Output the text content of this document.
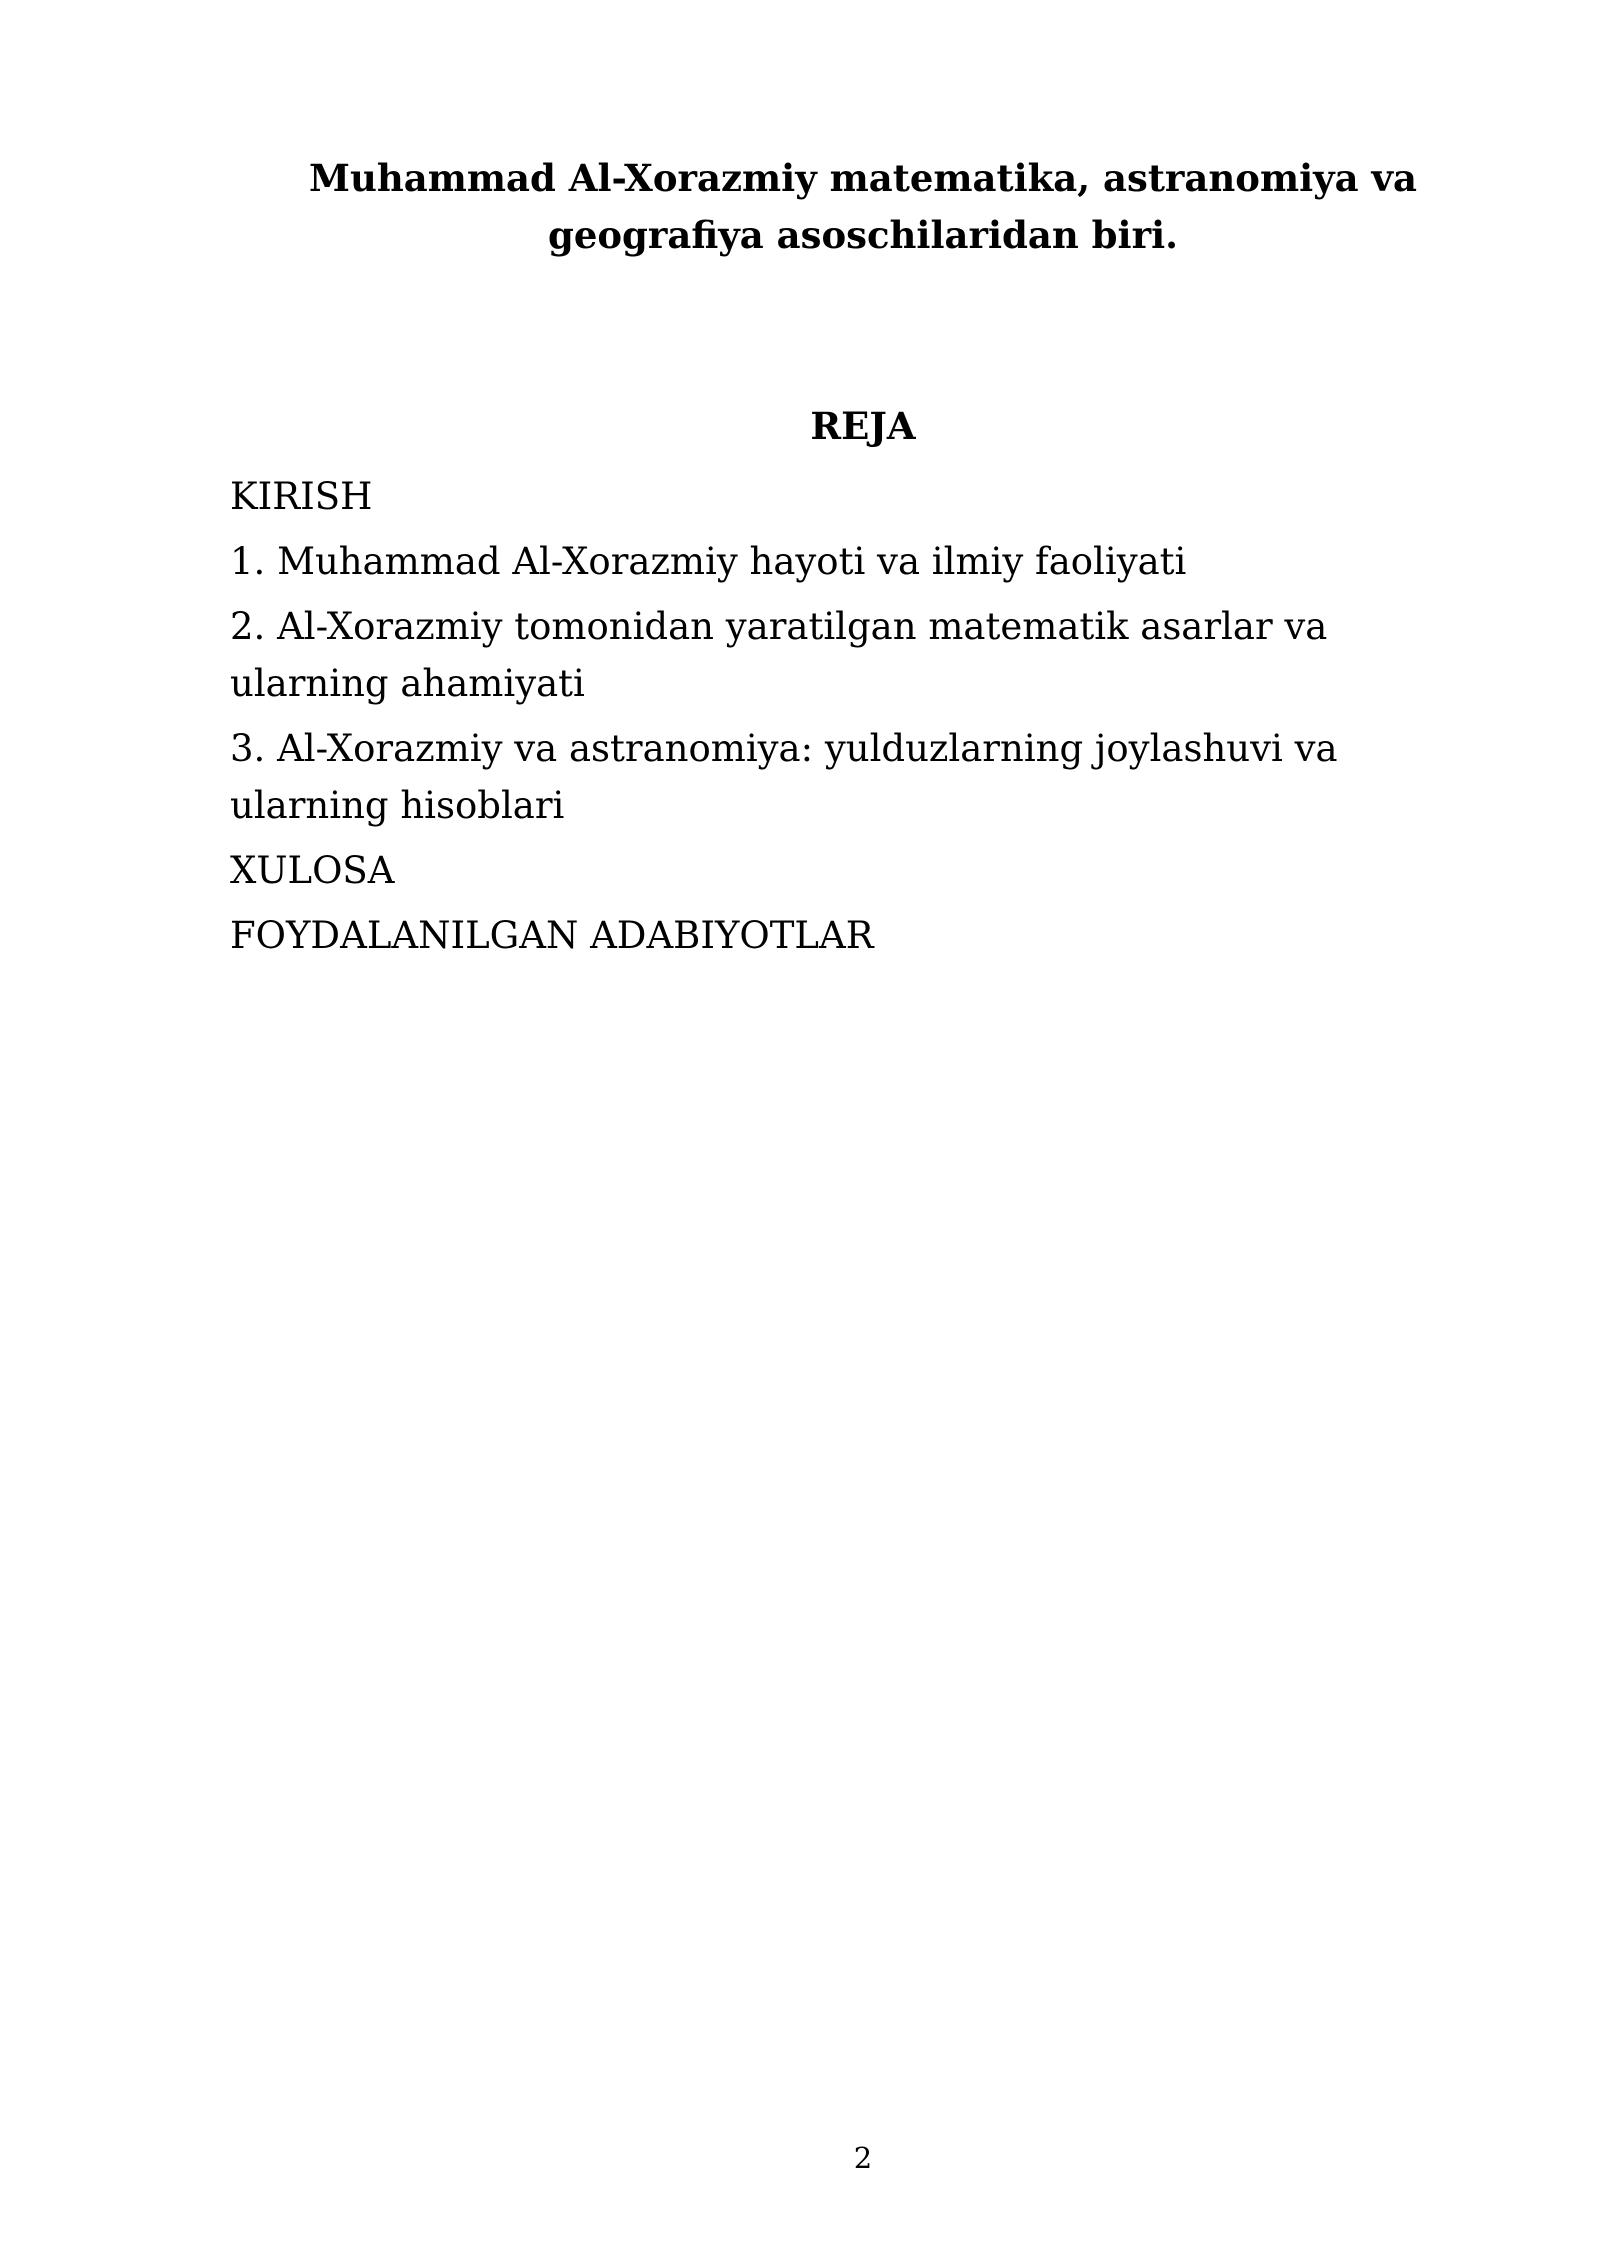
Muhammad Al-Xorazmiy matematika, astranomiya va geografiya asoschilaridan biri.
REJA
KIRISH
1. Muhammad Al-Xorazmiy hayoti va ilmiy faoliyati
2. Al-Xorazmiy tomonidan yaratilgan matematik asarlar va ularning ahamiyati
3. Al-Xorazmiy va astranomiya: yulduzlarning joylashuvi va ularning hisoblari
XULOSA
FOYDALANILGAN ADABIYOTLAR
2
